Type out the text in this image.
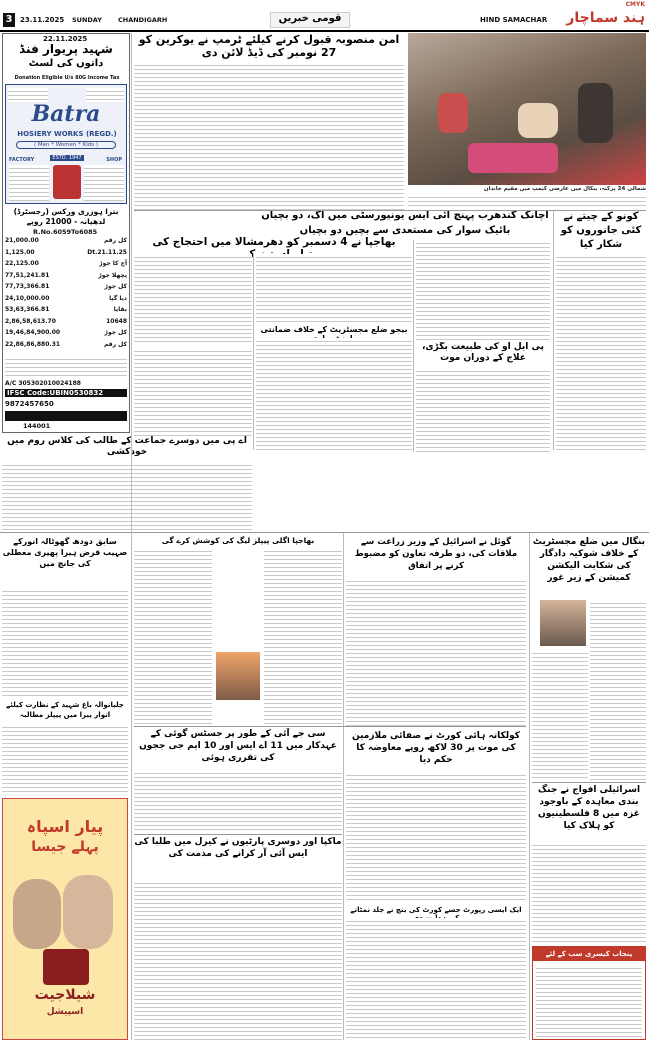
CMYK
3	23.11.2025 SUNDAY CHANDIGARH	قومی خبریں	HIND SAMACHAR	ہند سماچار
22.11.2025
شہید پریوار فنڈ
داتوں کی لسٹ
Donation Eligible U/s 80G Income Tax
Batra
HOSIERY WORKS (REGD.)
( Men * Women * Kids )
FACTORY	ESTD. 1947	SHOP
بترا ہوزری ورکس (رجسٹرڈ)
لدھیانہ - 21000 روپے
R.No.6059To6085
21,000.00	کل رقم
1,125.00	Dt.21.11.25
22,125.00	آج کا جوڑ
77,51,241.81	پچھلا جوڑ
77,73,366.81	کل جوڑ
24,10,000.00	دیا گیا
53,63,366.81	بقایا
2,86,58,613.70	10648
19,46,84,900.00	کل جوڑ
22,86,86,880.31	کل رقم
A/C 305302010024188
IFSC Code:UBIN0530832
9872457650
144001
امن منصوبہ قبول کرنے کیلئے ٹرمپ نے یوکرین کو 27 نومبر کی ڈیڈ لائن دی
شمالی 24 پرگنہ، بنگال میں عارضی کیمپ میں مقیم خاندان
اچانک گندھرب پہنچ آئی ایس یونیورسٹی میں آگ، دو بچیاں
بائیک سوار کی مستعدی سے بچیں دو بچیاں
کونو کے چیتے نے کئی جانوروں کو شکار کیا
بھاجپا نے 4 دسمبر کو دھرمشالا میں احتجاج کی
بیجو ضلع مجسٹریٹ کے خلاف ضمانتی
پی ایل او کی طبیعت بگڑی، علاج کے دوران موت
اے پی میں دوسرے جماعت کے طالب کی کلاس روم میں خودکشی
بنگال میں ضلع مجسٹریٹ کے خلاف شوکیہ دادگار کی شکایت الیکشن کمیشن کے زیر غور
گوئل نے اسرائیل کے وزیر زراعت سے ملاقات کی، دو طرفہ تعاون کو مضبوط کرنے پر اتفاق
بھاجپا اگلی پیپلز لیگ کی کوشش کرے گی
سابق دودھ گھوٹالہ انورکے صہیب قرض ہیرا پھیری معطلی کی جانچ میں
سی جے آئی کے طور پر جسٹس گوئی کے عہدکار میں 11 اے ایس اور 10 ایم جی ججوں کی تقرری ہوئی
کولکاتہ ہائی کورٹ نے صفائی ملازمین کی موت پر 30 لاکھ روپے معاوضہ کا حکم دیا
اسرائیلی افواج نے جنگ بندی معاہدہ کے باوجود غزہ میں 8 فلسطینیوں کو ہلاک کیا
ماکپا اور دوسری پارٹیوں نے کیرل میں طلبا کی ایس آئی آر کرانے کی مذمت کی
ایک ایسی رپورٹ جسے کورٹ کی بنچ نے جلد نمٹانے
جلیانوالہ باغ شہید کے نظارت کیلئے اتوار پیرا میں پیپلز مطالبہ
پیار اسپاہ
پہلے جیسا
شیلاجیت
اسپیشل
پنجاب کیسری سب کے لئے
